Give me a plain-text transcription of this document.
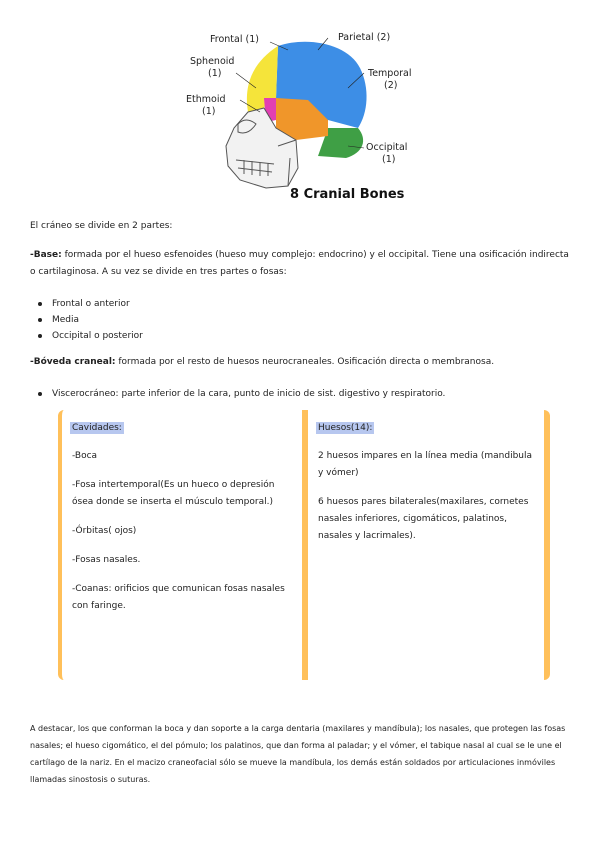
Frontal (1)	Parietal (2)
Sphenoid
(1)	Temporal
(2)
Ethmoid
(1)
Occipital
(1)
8 Cranial Bones

El cráneo se divide en 2 partes:

-Base: formada por el hueso esfenoides (hueso muy complejo: endocrino) y el occipital. Tiene una osificación indirecta o cartilaginosa. A su vez se divide en tres partes o fosas:

Frontal o anterior
Media
Occipital o posterior

-Bóveda craneal: formada por el resto de huesos neurocraneales. Osificación directa o membranosa.

Viscerocráneo: parte inferior de la cara, punto de inicio de sist. digestivo y respiratorio.
Cavidades:

-Boca

-Fosa intertemporal(Es un hueco o depresión ósea donde se inserta el músculo temporal.)

-Órbitas( ojos)

-Fosas nasales.

-Coanas: orificios que comunican fosas nasales con faringe.

Huesos(14):

2 huesos impares en la línea media (mandibula y vómer)

6 huesos pares bilaterales(maxilares, cornetes nasales inferiores, cigomáticos, palatinos, nasales y lacrimales).

A destacar, los que conforman la boca y dan soporte a la carga dentaria (maxilares y mandíbula); los nasales, que protegen las fosas nasales; el hueso cigomático, el del pómulo; los palatinos, que dan forma al paladar; y el vómer, el tabique nasal al cual se le une el cartílago de la nariz. En el macizo craneofacial sólo se mueve la mandíbula, los demás están soldados por articulaciones inmóviles llamadas sinostosis o suturas.
